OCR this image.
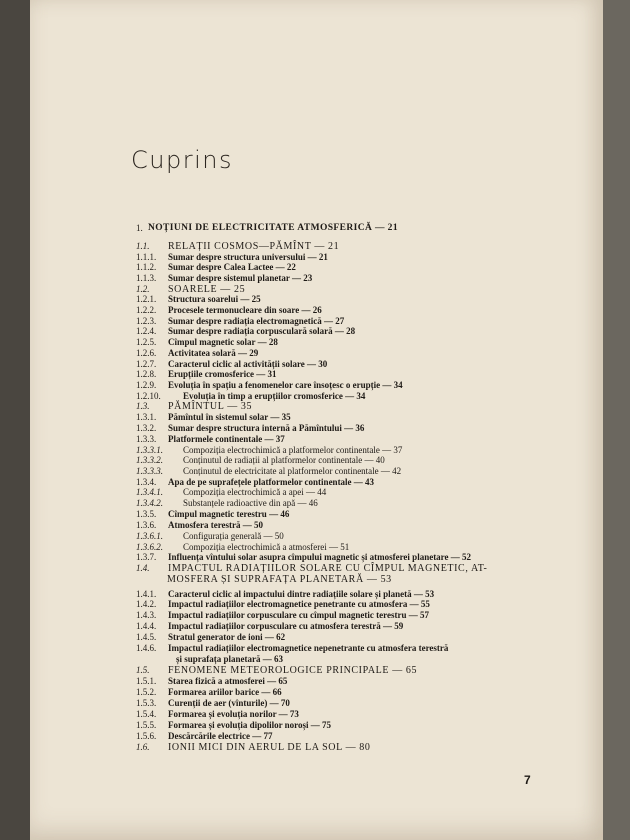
Cuprins
1. NOȚIUNI DE ELECTRICITATE ATMOSFERICĂ — 21
1.1. RELAȚII COSMOS—PĂMÎNT — 21
1.1.1. Sumar despre structura universului — 21
1.1.2. Sumar despre Calea Lactee — 22
1.1.3. Sumar despre sistemul planetar — 23
1.2. SOARELE — 25
1.2.1. Structura soarelui — 25
1.2.2. Procesele termonucleare din soare — 26
1.2.3. Sumar despre radiația electromagnetică — 27
1.2.4. Sumar despre radiația corpusculară solară — 28
1.2.5. Cîmpul magnetic solar — 28
1.2.6. Activitatea solară — 29
1.2.7. Caracterul ciclic al activității solare — 30
1.2.8. Erupțiile cromosferice — 31
1.2.9. Evoluția în spațiu a fenomenelor care însoțesc o erupție — 34
1.2.10. Evoluția în timp a erupțiilor cromosferice — 34
1.3. PĂMÎNTUL — 35
1.3.1. Pămîntul în sistemul solar — 35
1.3.2. Sumar despre structura internă a Pămîntului — 36
1.3.3. Platformele continentale — 37
1.3.3.1. Compoziția electrochimică a platformelor continentale — 37
1.3.3.2. Conținutul de radiații al platformelor continentale — 40
1.3.3.3. Conținutul de electricitate al platformelor continentale — 42
1.3.4. Apa de pe suprafețele platformelor continentale — 43
1.3.4.1. Compoziția electrochimică a apei — 44
1.3.4.2. Substanțele radioactive din apă — 46
1.3.5. Cîmpul magnetic terestru — 46
1.3.6. Atmosfera terestră — 50
1.3.6.1. Configurația generală — 50
1.3.6.2. Compoziția electrochimică a atmosferei — 51
1.3.7. Influența vîntului solar asupra cîmpului magnetic și atmosferei planetare — 52
1.4. IMPACTUL RADIAȚIILOR SOLARE CU CÎMPUL MAGNETIC, AT-
MOSFERA ȘI SUPRAFAȚA PLANETARĂ — 53
1.4.1. Caracterul ciclic al impactului dintre radiațiile solare și planetă — 53
1.4.2. Impactul radiațiilor electromagnetice penetrante cu atmosfera — 55
1.4.3. Impactul radiațiilor corpusculare cu cîmpul magnetic terestru — 57
1.4.4. Impactul radiațiilor corpusculare cu atmosfera terestră — 59
1.4.5. Stratul generator de ioni — 62
1.4.6. Impactul radiațiilor electromagnetice nepenetrante cu atmosfera terestră
și suprafața planetară — 63
1.5. FENOMENE METEOROLOGICE PRINCIPALE — 65
1.5.1. Starea fizică a atmosferei — 65
1.5.2. Formarea ariilor barice — 66
1.5.3. Curenții de aer (vînturile) — 70
1.5.4. Formarea și evoluția norilor — 73
1.5.5. Formarea și evoluția dipolilor noroși — 75
1.5.6. Descărcările electrice — 77
1.6. IONII MICI DIN AERUL DE LA SOL — 80
7
